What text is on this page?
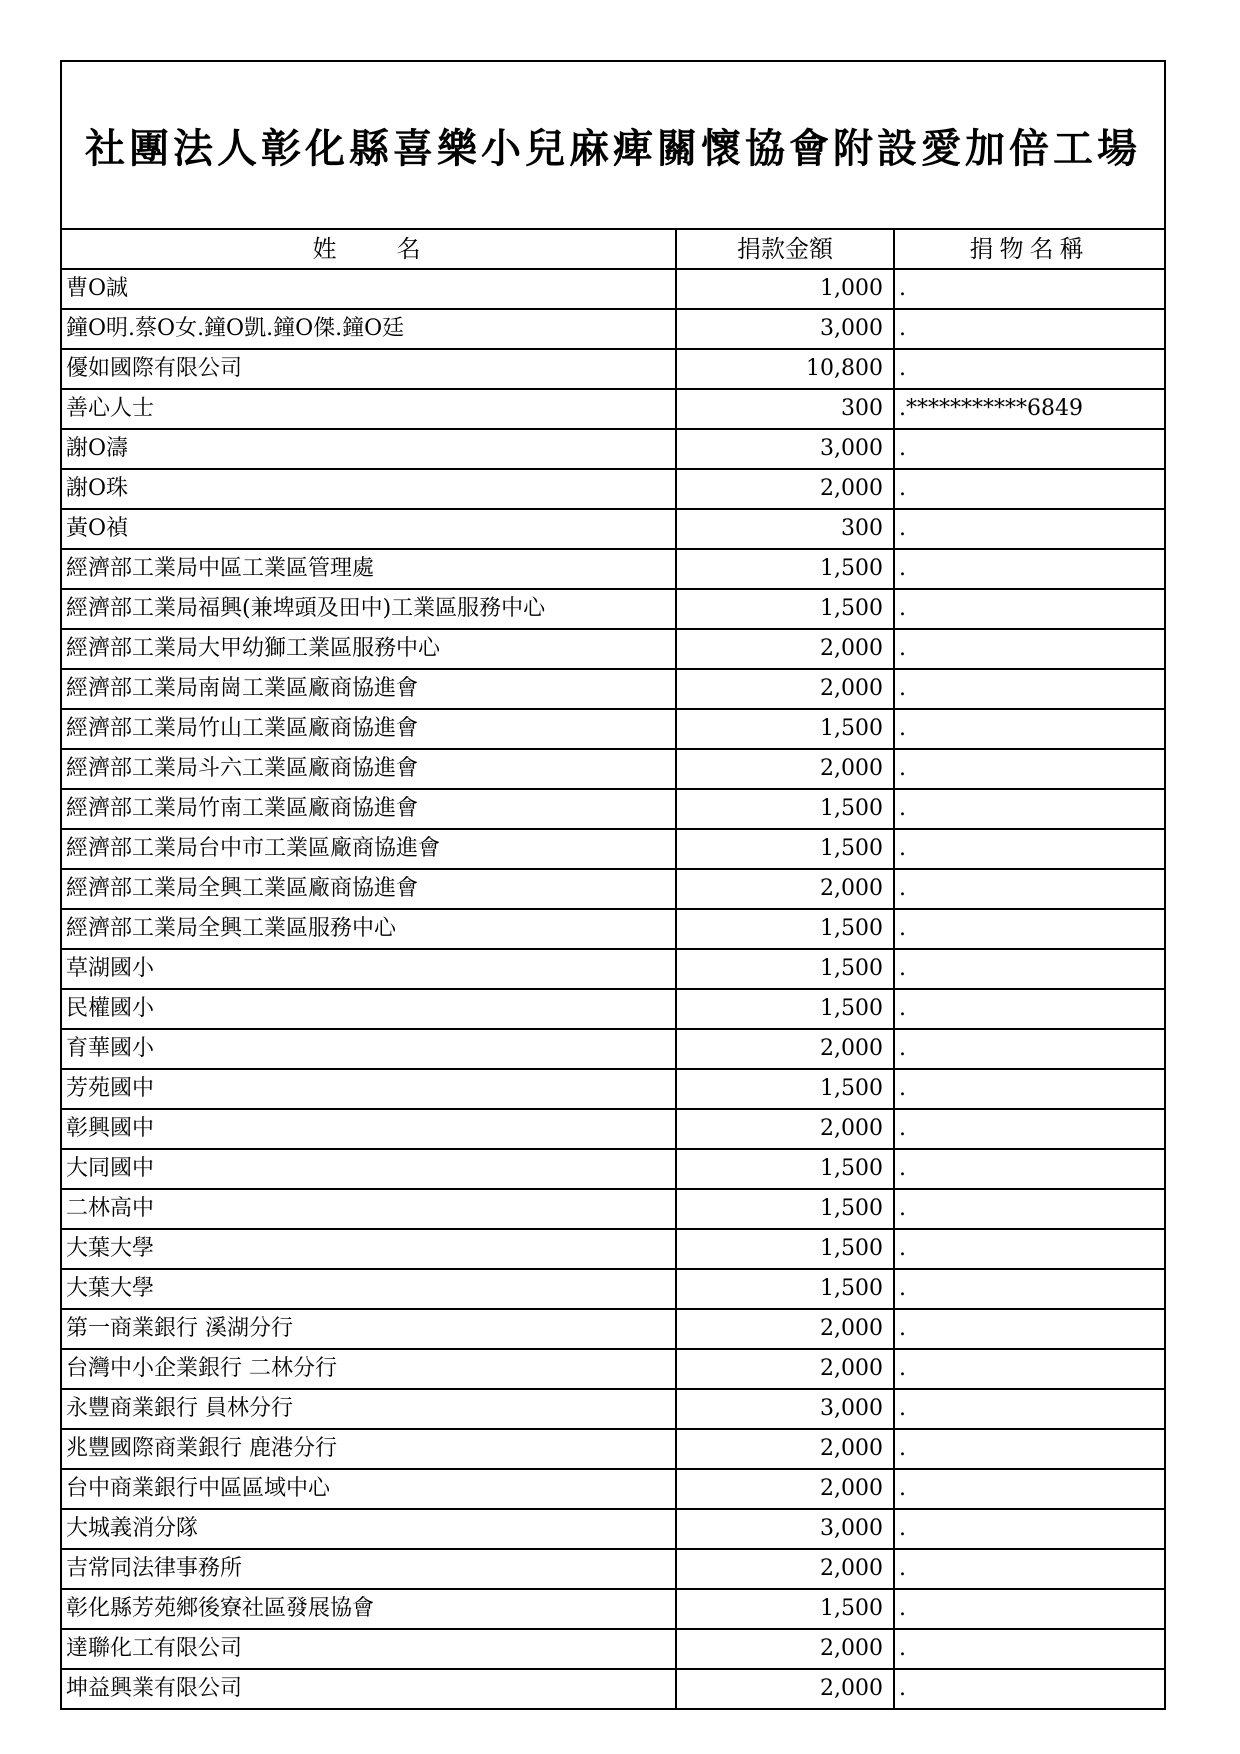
社團法人彰化縣喜樂小兒麻痺關懷協會附設愛加倍工場
姓名	捐款金額	捐物名稱
曹O誠	1,000	.
鐘O明.蔡O女.鐘O凱.鐘O傑.鐘O廷	3,000	.
優如國際有限公司	10,800	.
善心人士	300	.***********6849
謝O濤	3,000	.
謝O珠	2,000	.
黃O禎	300	.
經濟部工業局中區工業區管理處	1,500	.
經濟部工業局福興(兼埤頭及田中)工業區服務中心	1,500	.
經濟部工業局大甲幼獅工業區服務中心	2,000	.
經濟部工業局南崗工業區廠商協進會	2,000	.
經濟部工業局竹山工業區廠商協進會	1,500	.
經濟部工業局斗六工業區廠商協進會	2,000	.
經濟部工業局竹南工業區廠商協進會	1,500	.
經濟部工業局台中市工業區廠商協進會	1,500	.
經濟部工業局全興工業區廠商協進會	2,000	.
經濟部工業局全興工業區服務中心	1,500	.
草湖國小	1,500	.
民權國小	1,500	.
育華國小	2,000	.
芳苑國中	1,500	.
彰興國中	2,000	.
大同國中	1,500	.
二林高中	1,500	.
大葉大學	1,500	.
大葉大學	1,500	.
第一商業銀行 溪湖分行	2,000	.
台灣中小企業銀行 二林分行	2,000	.
永豐商業銀行 員林分行	3,000	.
兆豐國際商業銀行 鹿港分行	2,000	.
台中商業銀行中區區域中心	2,000	.
大城義消分隊	3,000	.
吉常同法律事務所	2,000	.
彰化縣芳苑鄉後寮社區發展協會	1,500	.
達聯化工有限公司	2,000	.
坤益興業有限公司	2,000	.
